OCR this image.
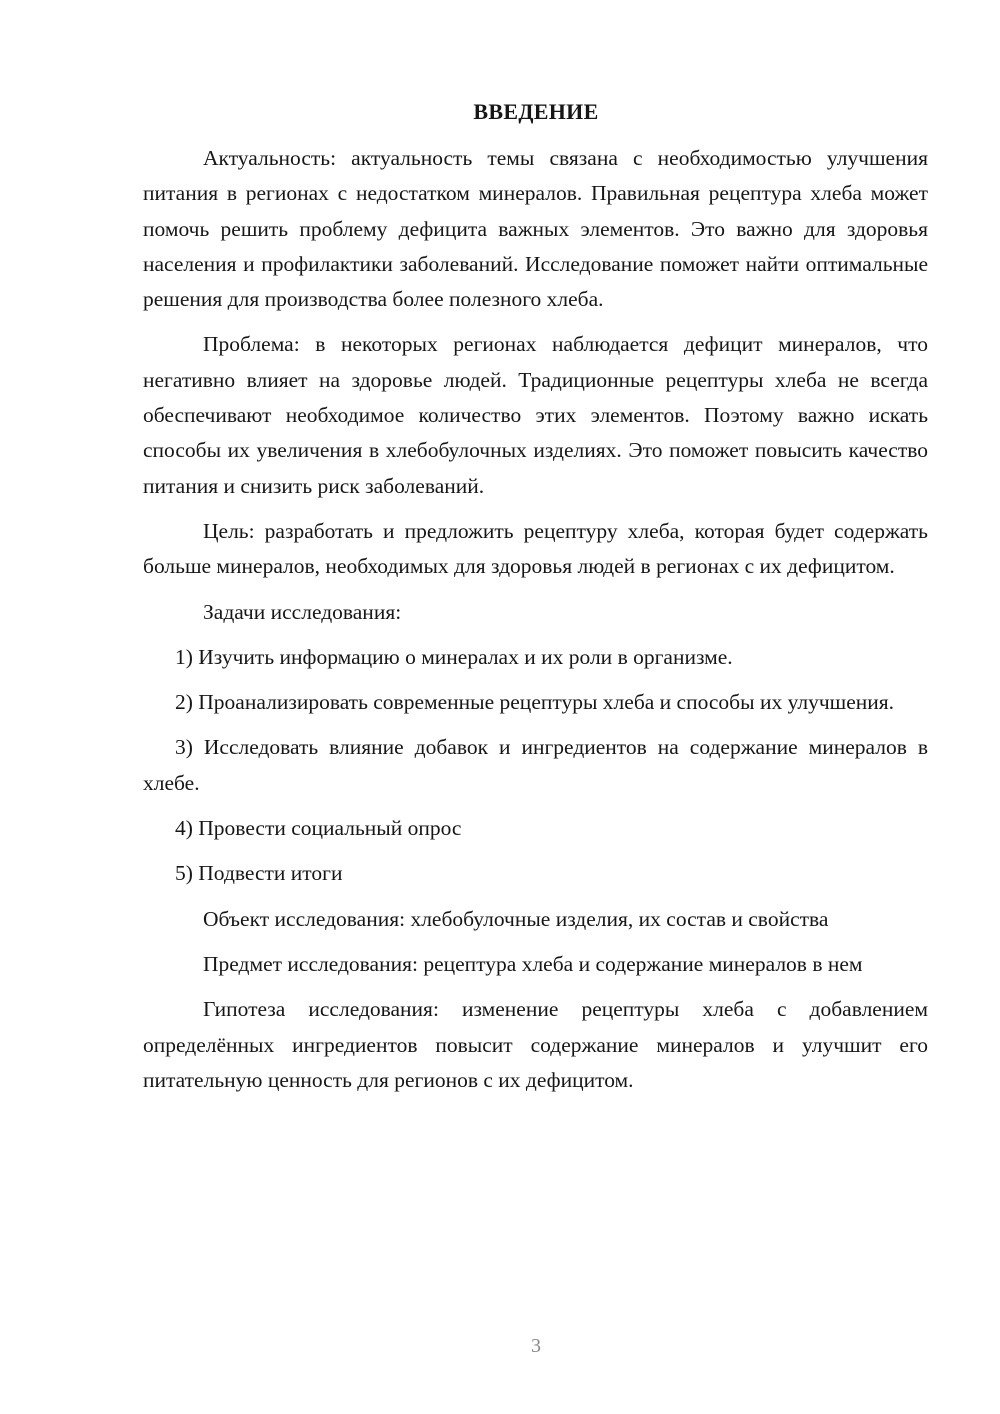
ВВЕДЕНИЕ

Актуальность: актуальность темы связана с необходимостью улучшения питания в регионах с недостатком минералов. Правильная рецептура хлеба может помочь решить проблему дефицита важных элементов. Это важно для здоровья населения и профилактики заболеваний. Исследование поможет найти оптимальные решения для производства более полезного хлеба.

Проблема: в некоторых регионах наблюдается дефицит минералов, что негативно влияет на здоровье людей. Традиционные рецептуры хлеба не всегда обеспечивают необходимое количество этих элементов. Поэтому важно искать способы их увеличения в хлебобулочных изделиях. Это поможет повысить качество питания и снизить риск заболеваний.

Цель: разработать и предложить рецептуру хлеба, которая будет содержать больше минералов, необходимых для здоровья людей в регионах с их дефицитом.

Задачи исследования:

1) Изучить информацию о минералах и их роли в организме.

2) Проанализировать современные рецептуры хлеба и способы их улучшения.

3) Исследовать влияние добавок и ингредиентов на содержание минералов в хлебе.

4) Провести социальный опрос

5) Подвести итоги

Объект исследования: хлебобулочные изделия, их состав и свойства

Предмет исследования: рецептура хлеба и содержание минералов в нем

Гипотеза исследования: изменение рецептуры хлеба с добавлением определённых ингредиентов повысит содержание минералов и улучшит его питательную ценность для регионов с их дефицитом.

3
